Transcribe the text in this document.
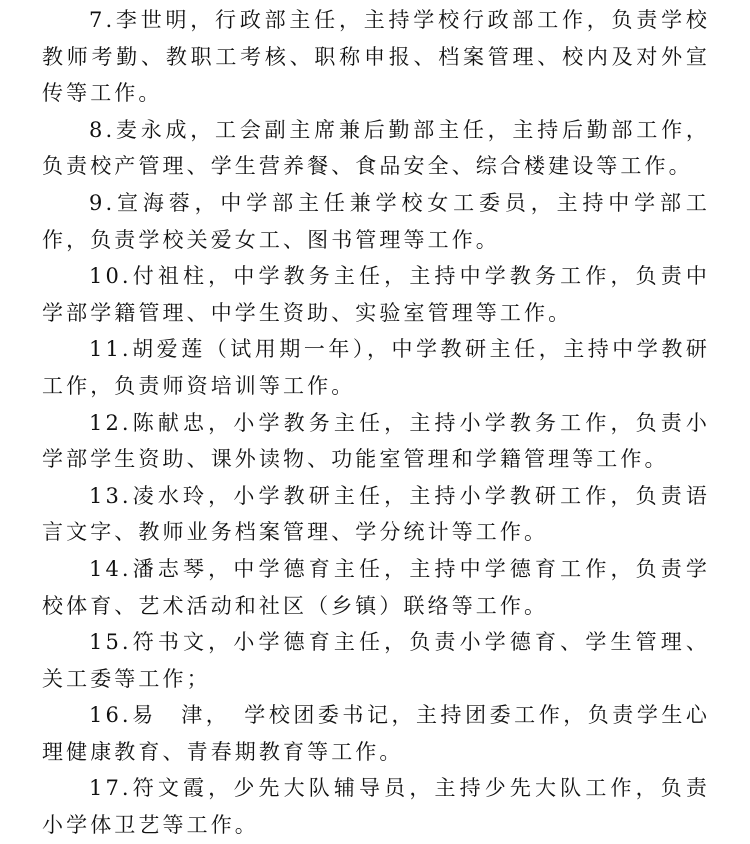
7.李世明，行政部主任，主持学校行政部工作，负责学校教师考勤、教职工考核、职称申报、档案管理、校内及对外宣传等工作。

8.麦永成，工会副主席兼后勤部主任，主持后勤部工作，负责校产管理、学生营养餐、食品安全、综合楼建设等工作。

9.宣海蓉，中学部主任兼学校女工委员，主持中学部工作，负责学校关爱女工、图书管理等工作。

10.付祖柱，中学教务主任，主持中学教务工作，负责中学部学籍管理、中学生资助、实验室管理等工作。

11.胡爱莲（试用期一年），中学教研主任，主持中学教研工作，负责师资培训等工作。

12.陈献忠，小学教务主任，主持小学教务工作，负责小学部学生资助、课外读物、功能室管理和学籍管理等工作。

13.凌水玲，小学教研主任，主持小学教研工作，负责语言文字、教师业务档案管理、学分统计等工作。

14.潘志琴，中学德育主任，主持中学德育工作，负责学校体育、艺术活动和社区（乡镇）联络等工作。

15.符书文，小学德育主任，负责小学德育、学生管理、关工委等工作；

16.易　津，　学校团委书记，主持团委工作，负责学生心理健康教育、青春期教育等工作。

17.符文霞，少先大队辅导员，主持少先大队工作，负责小学体卫艺等工作。
